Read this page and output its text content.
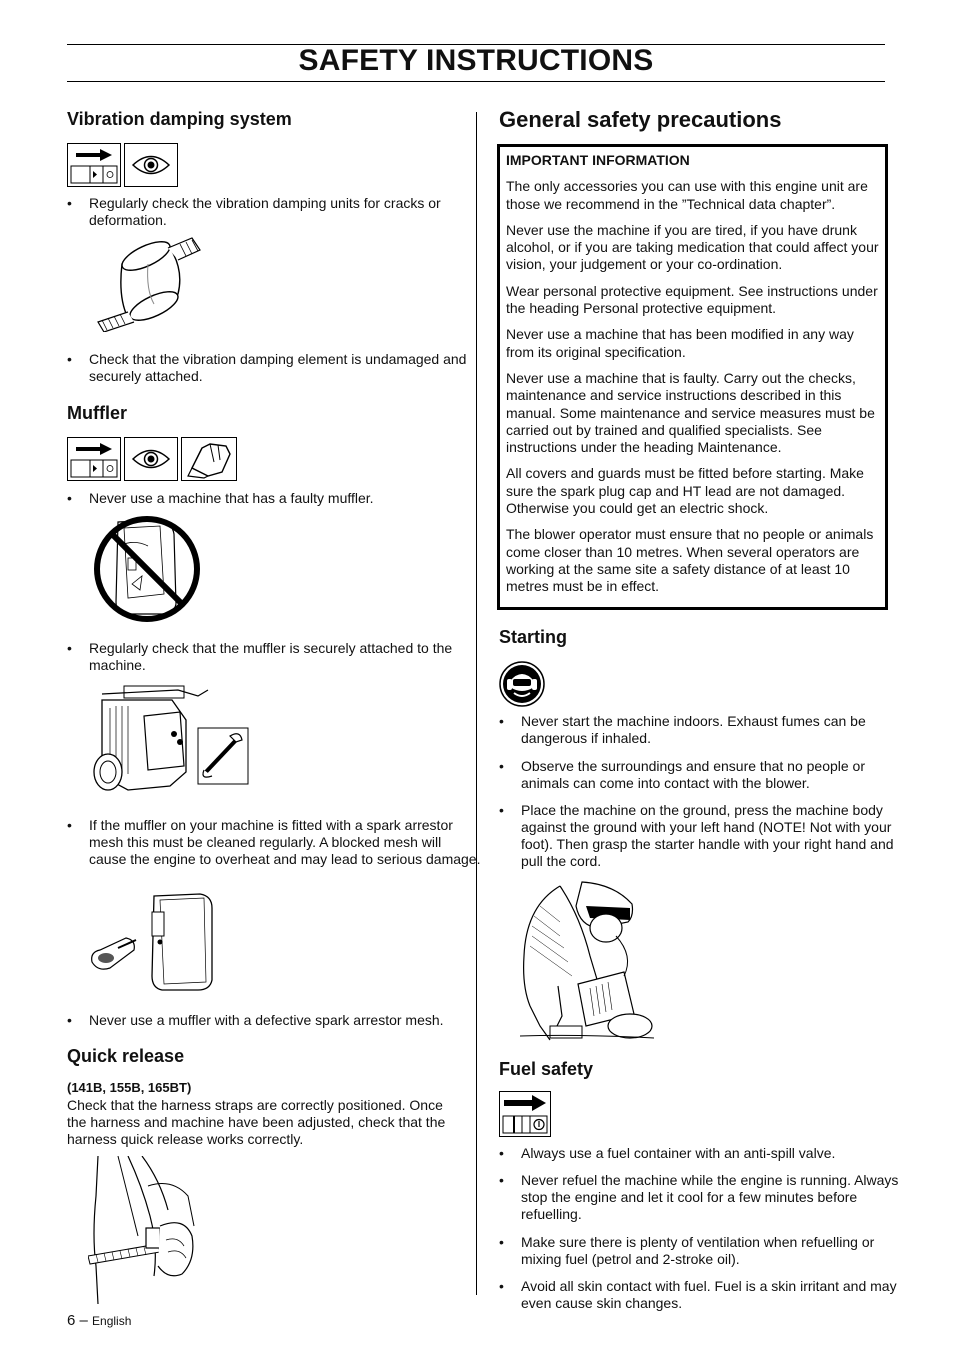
SAFETY INSTRUCTIONS
Vibration damping system
• Regularly check the vibration damping units for cracks or deformation.
• Check that the vibration damping element is undamaged and securely attached.
Muffler
• Never use a machine that has a faulty muffler.
• Regularly check that the muffler is securely attached to the machine.
• If the muffler on your machine is fitted with a spark arrestor mesh this must be cleaned regularly. A blocked mesh will cause the engine to overheat and may lead to serious damage.
• Never use a muffler with a defective spark arrestor mesh.
Quick release
(141B, 155B, 165BT)
Check that the harness straps are correctly positioned. Once the harness and machine have been adjusted, check that the harness quick release works correctly.
6 – English
General safety precautions

IMPORTANT INFORMATION

The only accessories you can use with this engine unit are those we recommend in the ”Technical data chapter”.

Never use the machine if you are tired, if you have drunk alcohol, or if you are taking medication that could affect your vision, your judgement or your co-ordination.

Wear personal protective equipment. See instructions under the heading Personal protective equipment.

Never use a machine that has been modified in any way from its original specification.

Never use a machine that is faulty. Carry out the checks, maintenance and service instructions described in this manual. Some maintenance and service measures must be carried out by trained and qualified specialists. See instructions under the heading Maintenance.

All covers and guards must be fitted before starting. Make sure the spark plug cap and HT lead are not damaged. Otherwise you could get an electric shock.

The blower operator must ensure that no people or animals come closer than 10 metres. When several operators are working at the same site a safety distance of at least 10 metres must be in effect.

Starting
• Never start the machine indoors. Exhaust fumes can be dangerous if inhaled.
• Observe the surroundings and ensure that no people or animals can come into contact with the blower.
• Place the machine on the ground, press the machine body against the ground with your left hand (NOTE! Not with your foot). Then grasp the starter handle with your right hand and pull the cord.
Fuel safety
• Always use a fuel container with an anti-spill valve.
• Never refuel the machine while the engine is running. Always stop the engine and let it cool for a few minutes before refuelling.
• Make sure there is plenty of ventilation when refuelling or mixing fuel (petrol and 2-stroke oil).
• Avoid all skin contact with fuel. Fuel is a skin irritant and may even cause skin changes.
